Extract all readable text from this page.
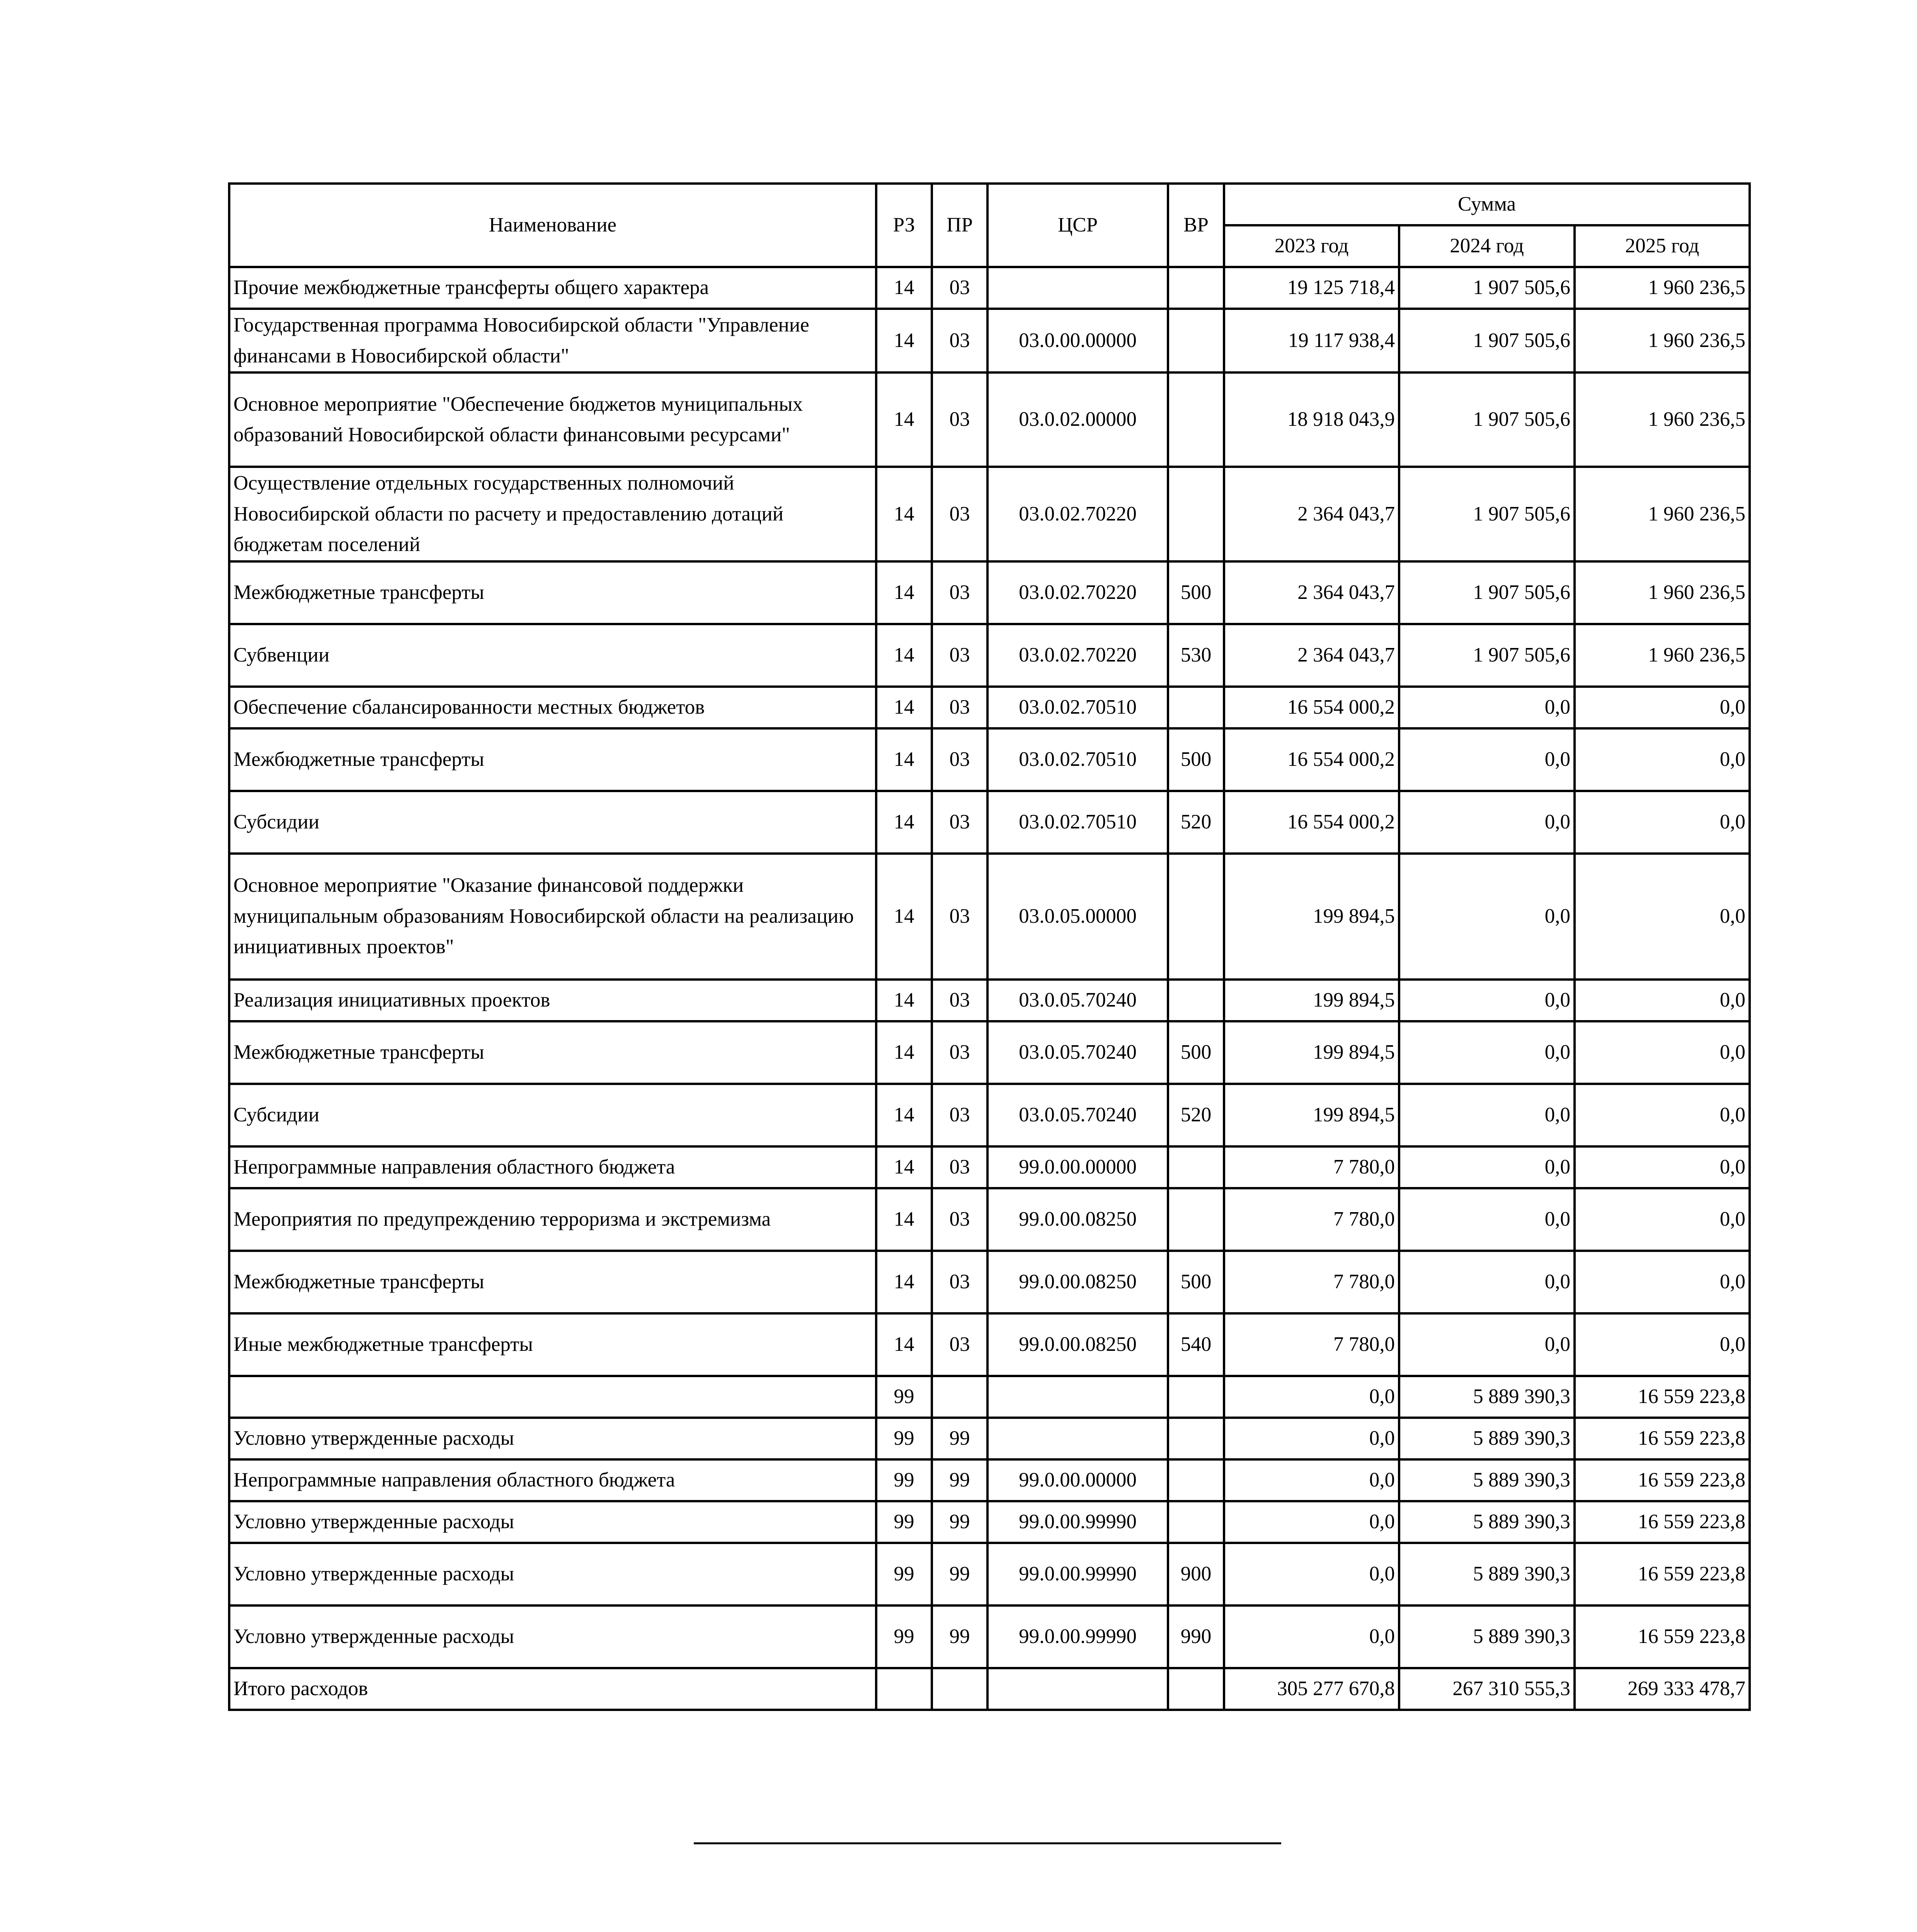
Наименование	РЗ	ПР	ЦСР	ВР	Сумма		
					2023 год	2024 год	2025 год
Прочие межбюджетные трансферты общего характера	14	03			19 125 718,4	1 907 505,6	1 960 236,5
Государственная программа Новосибирской области "Управление финансами в Новосибирской области"	14	03	03.0.00.00000		19 117 938,4	1 907 505,6	1 960 236,5
Основное мероприятие "Обеспечение бюджетов муниципальных образований Новосибирской области финансовыми ресурсами"	14	03	03.0.02.00000		18 918 043,9	1 907 505,6	1 960 236,5
Осуществление отдельных государственных полномочий Новосибирской области по расчету и предоставлению дотаций бюджетам поселений	14	03	03.0.02.70220		2 364 043,7	1 907 505,6	1 960 236,5
Межбюджетные трансферты	14	03	03.0.02.70220	500	2 364 043,7	1 907 505,6	1 960 236,5
Субвенции	14	03	03.0.02.70220	530	2 364 043,7	1 907 505,6	1 960 236,5
Обеспечение сбалансированности местных бюджетов	14	03	03.0.02.70510		16 554 000,2	0,0	0,0
Межбюджетные трансферты	14	03	03.0.02.70510	500	16 554 000,2	0,0	0,0
Субсидии	14	03	03.0.02.70510	520	16 554 000,2	0,0	0,0
Основное мероприятие "Оказание финансовой поддержки муниципальным образованиям Новосибирской области на реализацию инициативных проектов"	14	03	03.0.05.00000		199 894,5	0,0	0,0
Реализация инициативных проектов	14	03	03.0.05.70240		199 894,5	0,0	0,0
Межбюджетные трансферты	14	03	03.0.05.70240	500	199 894,5	0,0	0,0
Субсидии	14	03	03.0.05.70240	520	199 894,5	0,0	0,0
Непрограммные направления областного бюджета	14	03	99.0.00.00000		7 780,0	0,0	0,0
Мероприятия по предупреждению терроризма и экстремизма	14	03	99.0.00.08250		7 780,0	0,0	0,0
Межбюджетные трансферты	14	03	99.0.00.08250	500	7 780,0	0,0	0,0
Иные межбюджетные трансферты	14	03	99.0.00.08250	540	7 780,0	0,0	0,0
	99				0,0	5 889 390,3	16 559 223,8
Условно утвержденные расходы	99	99			0,0	5 889 390,3	16 559 223,8
Непрограммные направления областного бюджета	99	99	99.0.00.00000		0,0	5 889 390,3	16 559 223,8
Условно утвержденные расходы	99	99	99.0.00.99990		0,0	5 889 390,3	16 559 223,8
Условно утвержденные расходы	99	99	99.0.00.99990	900	0,0	5 889 390,3	16 559 223,8
Условно утвержденные расходы	99	99	99.0.00.99990	990	0,0	5 889 390,3	16 559 223,8
Итого расходов					305 277 670,8	267 310 555,3	269 333 478,7
